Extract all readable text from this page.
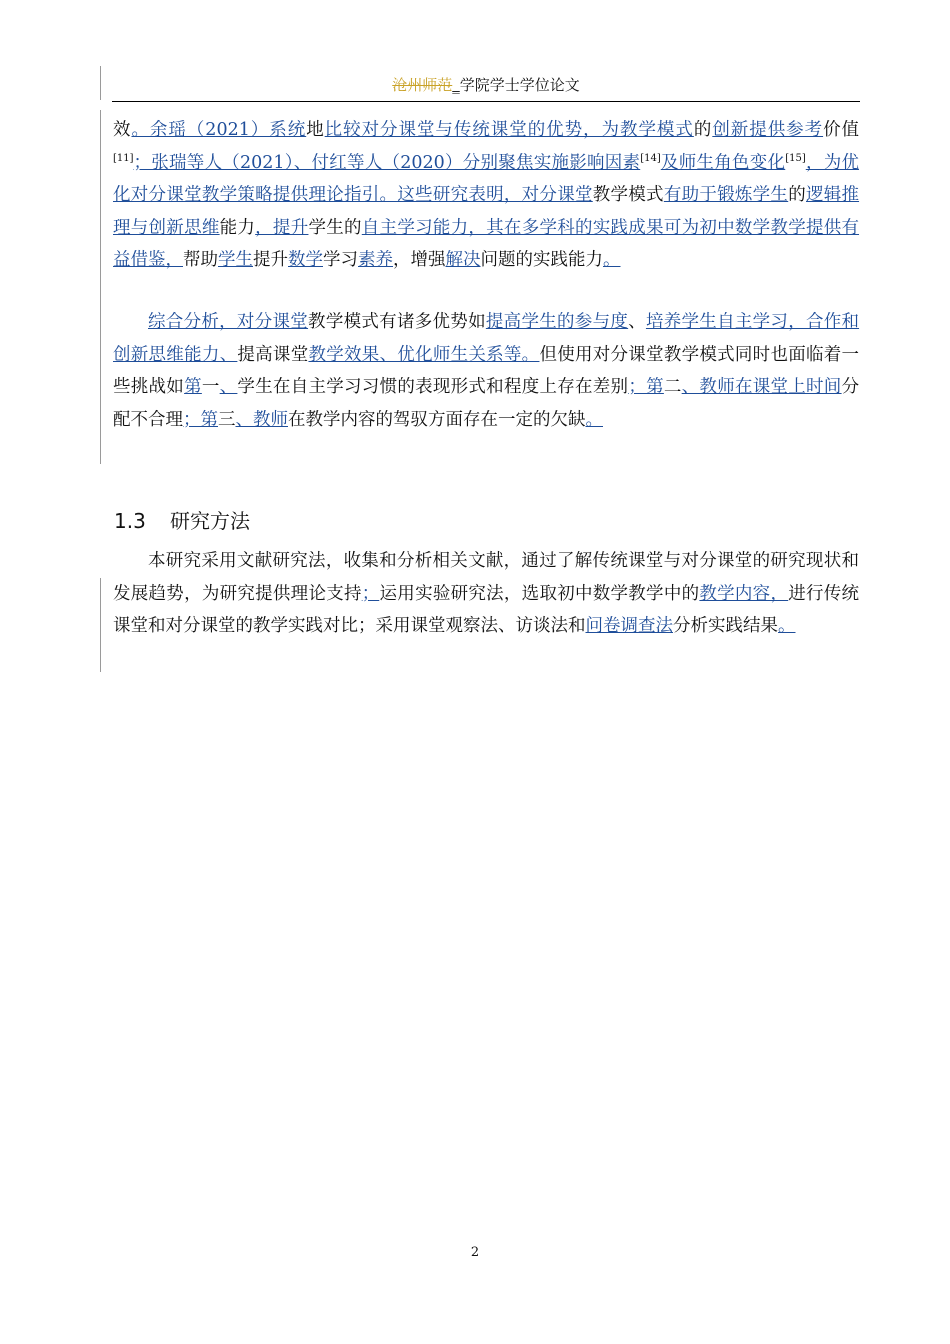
沧州师范_学院学士学位论文

效。余瑶（2021）系统地比较对分课堂与传统课堂的优势，为教学模式的创新提供参考价值[11]；张瑞等人（2021）、付红等人（2020）分别聚焦实施影响因素[14]及师生角色变化[15]，为优化对分课堂教学策略提供理论指引。这些研究表明，对分课堂教学模式有助于锻炼学生的逻辑推理与创新思维能力，提升学生的自主学习能力，其在多学科的实践成果可为初中数学教学提供有益借鉴，帮助学生提升数学学习素养，增强解决问题的实践能力。

综合分析，对分课堂教学模式有诸多优势如提高学生的参与度、培养学生自主学习，合作和创新思维能力、提高课堂教学效果、优化师生关系等。但使用对分课堂教学模式同时也面临着一些挑战如第一、学生在自主学习习惯的表现形式和程度上存在差别；第二、教师在课堂上时间分配不合理；第三、教师在教学内容的驾驭方面存在一定的欠缺。

1.3 研究方法

本研究采用文献研究法，收集和分析相关文献，通过了解传统课堂与对分课堂的研究现状和发展趋势，为研究提供理论支持；运用实验研究法，选取初中数学教学中的教学内容，进行传统课堂和对分课堂的教学实践对比；采用课堂观察法、访谈法和问卷调查法分析实践结果。

2
